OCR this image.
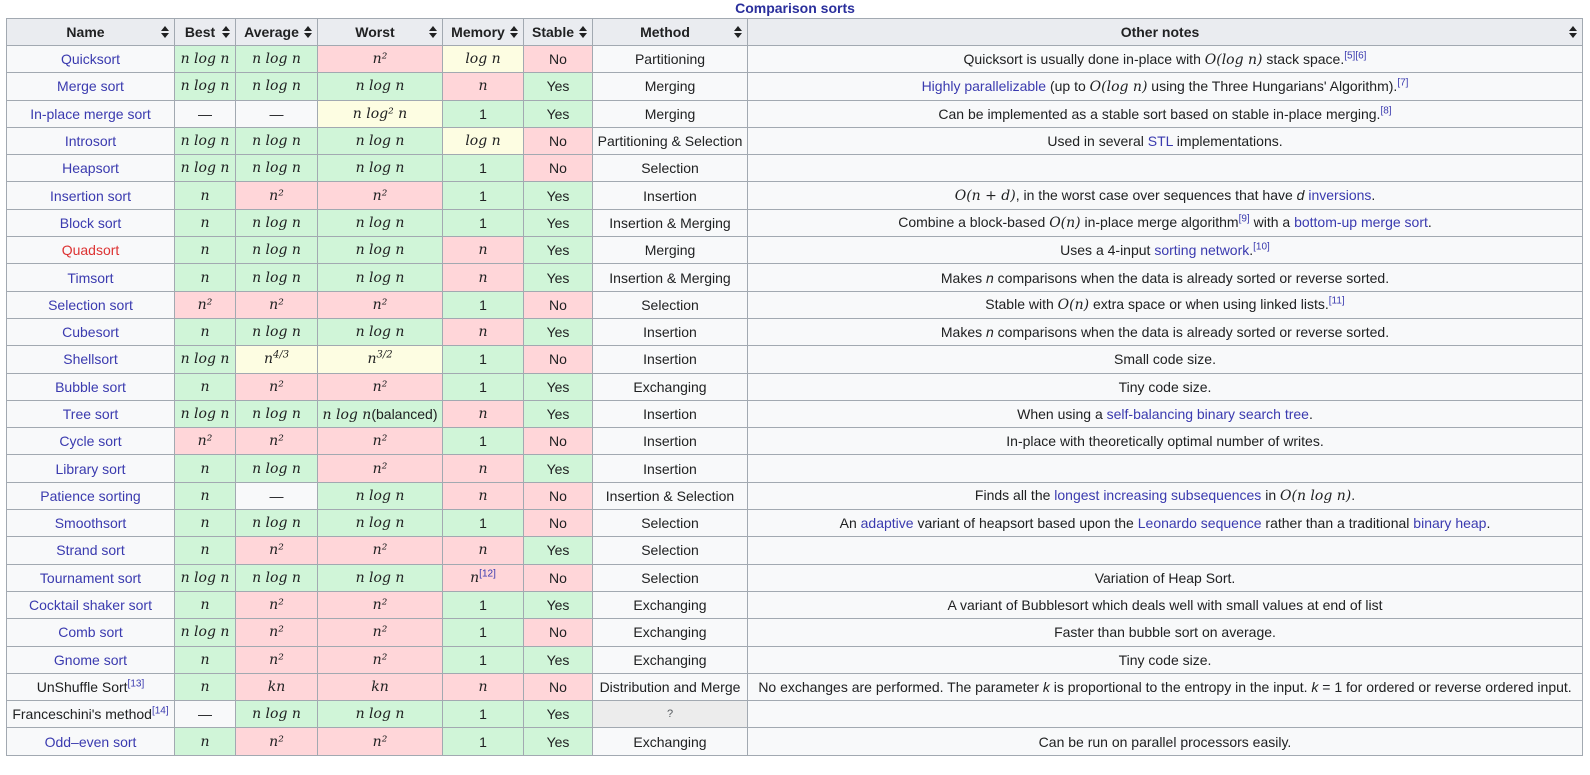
Comparison sorts
Name	Best	Average	Worst	Memory	Stable	Method	Other notes

Quicksort	n log n	n log n	n²	log n	No	Partitioning	Quicksort is usually done in-place with O(log n) stack space.[5][6]
Merge sort	n log n	n log n	n log n	n	Yes	Merging	Highly parallelizable (up to O(log n) using the Three Hungarians' Algorithm).[7]
In-place merge sort	—	—	n log² n	1	Yes	Merging	Can be implemented as a stable sort based on stable in-place merging.[8]
Introsort	n log n	n log n	n log n	log n	No	Partitioning & Selection	Used in several STL implementations.
Heapsort	n log n	n log n	n log n	1	No	Selection	
Insertion sort	n	n²	n²	1	Yes	Insertion	O(n + d), in the worst case over sequences that have d inversions.
Block sort	n	n log n	n log n	1	Yes	Insertion & Merging	Combine a block-based O(n) in-place merge algorithm[9] with a bottom-up merge sort.
Quadsort	n	n log n	n log n	n	Yes	Merging	Uses a 4-input sorting network.[10]
Timsort	n	n log n	n log n	n	Yes	Insertion & Merging	Makes n comparisons when the data is already sorted or reverse sorted.
Selection sort	n²	n²	n²	1	No	Selection	Stable with O(n) extra space or when using linked lists.[11]
Cubesort	n	n log n	n log n	n	Yes	Insertion	Makes n comparisons when the data is already sorted or reverse sorted.
Shellsort	n log n	$n^{4/3}$	$n^{3/2}$	1	No	Insertion	Small code size.
Bubble sort	n	n²	n²	1	Yes	Exchanging	Tiny code size.
Tree sort	n log n	n log n	n log n(balanced)	n	Yes	Insertion	When using a self-balancing binary search tree.
Cycle sort	n²	n²	n²	1	No	Insertion	In-place with theoretically optimal number of writes.
Library sort	n	n log n	n²	n	Yes	Insertion	
Patience sorting	n	—	n log n	n	No	Insertion & Selection	Finds all the longest increasing subsequences in O(n log n).
Smoothsort	n	n log n	n log n	1	No	Selection	An adaptive variant of heapsort based upon the Leonardo sequence rather than a traditional binary heap.
Strand sort	n	n²	n²	n	Yes	Selection	
Tournament sort	n log n	n log n	n log n	n[12]	No	Selection	Variation of Heap Sort.
Cocktail shaker sort	n	n²	n²	1	Yes	Exchanging	A variant of Bubblesort which deals well with small values at end of list
Comb sort	n log n	n²	n²	1	No	Exchanging	Faster than bubble sort on average.
Gnome sort	n	n²	n²	1	Yes	Exchanging	Tiny code size.
UnShuffle Sort[13]	n	kn	kn	n	No	Distribution and Merge	No exchanges are performed. The parameter k is proportional to the entropy in the input. k = 1 for ordered or reverse ordered input.
Franceschini's method[14]	—	n log n	n log n	1	Yes	?	
Odd–even sort	n	n²	n²	1	Yes	Exchanging	Can be run on parallel processors easily.
